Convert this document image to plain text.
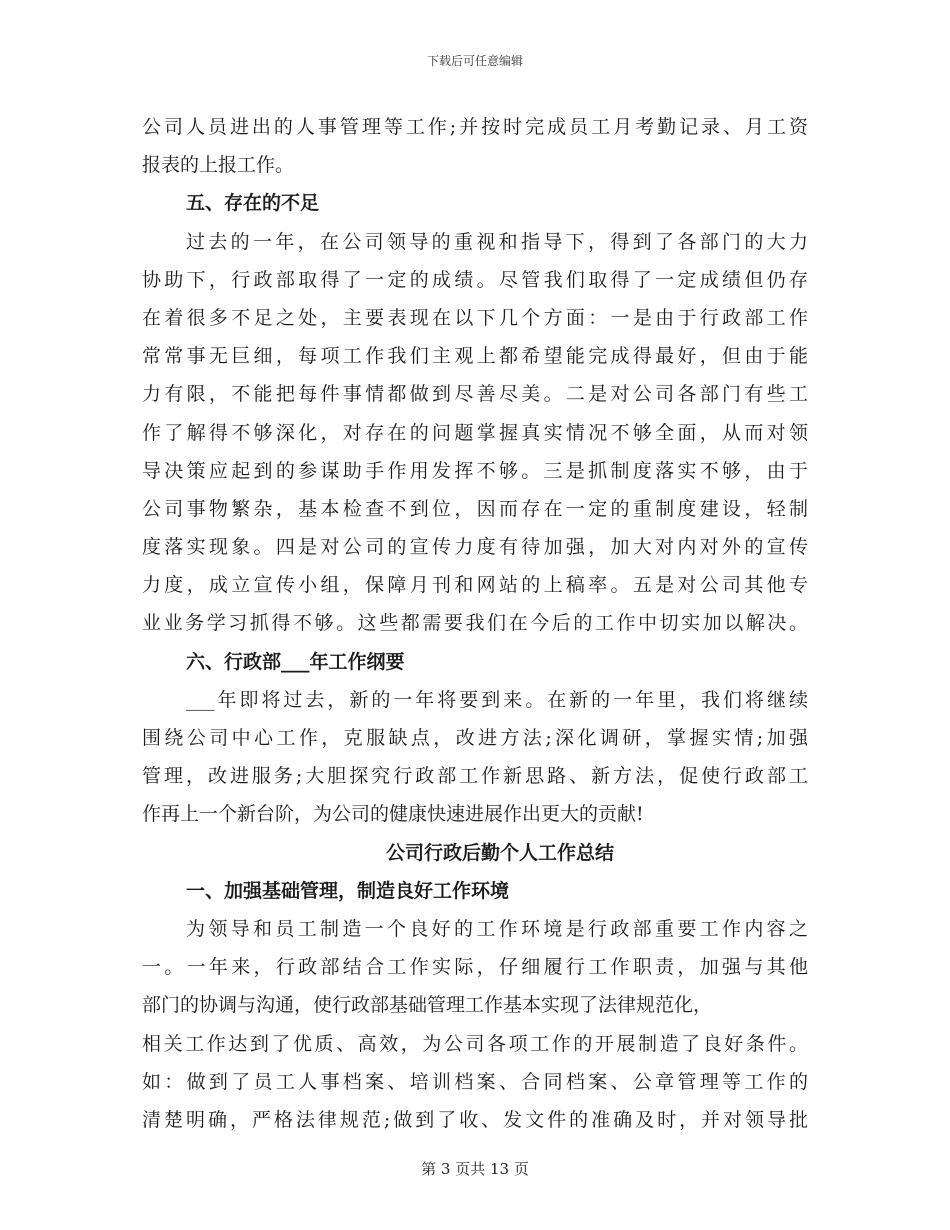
下载后可任意编辑
公司人员进出的人事管理等工作;并按时完成员工月考勤记录、月工资
报表的上报工作。
五、存在的不足
过去的一年，在公司领导的重视和指导下，得到了各部门的大力
协助下，行政部取得了一定的成绩。尽管我们取得了一定成绩但仍存
在着很多不足之处，主要表现在以下几个方面：一是由于行政部工作
常常事无巨细，每项工作我们主观上都希望能完成得最好，但由于能
力有限，不能把每件事情都做到尽善尽美。二是对公司各部门有些工
作了解得不够深化，对存在的问题掌握真实情况不够全面，从而对领
导决策应起到的参谋助手作用发挥不够。三是抓制度落实不够，由于
公司事物繁杂，基本检查不到位，因而存在一定的重制度建设，轻制
度落实现象。四是对公司的宣传力度有待加强，加大对内对外的宣传
力度，成立宣传小组，保障月刊和网站的上稿率。五是对公司其他专
业业务学习抓得不够。这些都需要我们在今后的工作中切实加以解决。
六、行政部___年工作纲要
___年即将过去，新的一年将要到来。在新的一年里，我们将继续
围绕公司中心工作，克服缺点，改进方法;深化调研，掌握实情;加强
管理，改进服务;大胆探究行政部工作新思路、新方法，促使行政部工
作再上一个新台阶，为公司的健康快速进展作出更大的贡献!
公司行政后勤个人工作总结
一、加强基础管理，制造良好工作环境
为领导和员工制造一个良好的工作环境是行政部重要工作内容之
一。一年来，行政部结合工作实际，仔细履行工作职责，加强与其他
部门的协调与沟通，使行政部基础管理工作基本实现了法律规范化，
相关工作达到了优质、高效，为公司各项工作的开展制造了良好条件。
如：做到了员工人事档案、培训档案、合同档案、公章管理等工作的
清楚明确，严格法律规范;做到了收、发文件的准确及时，并对领导批
第 3 页共 13 页
